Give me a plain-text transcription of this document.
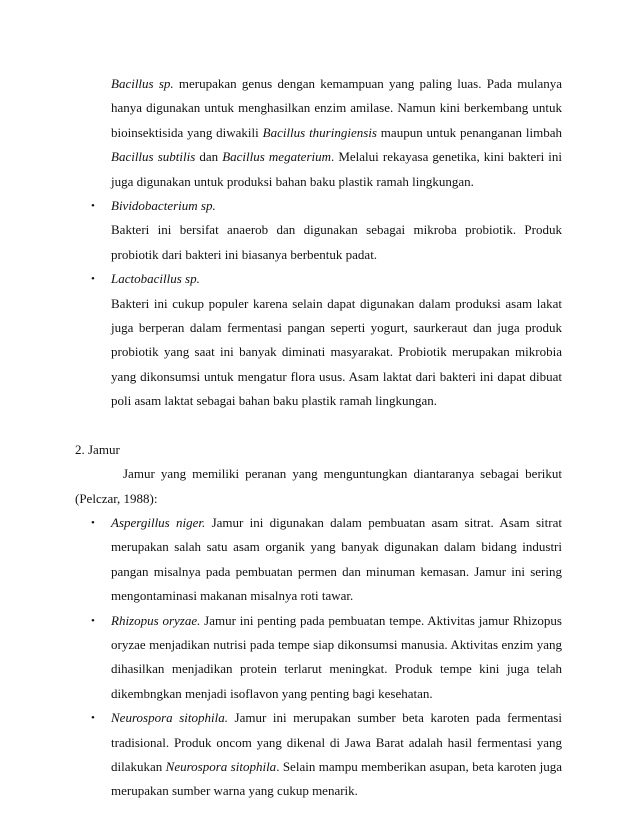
Bacillus sp. merupakan genus dengan kemampuan yang paling luas. Pada mulanya hanya digunakan untuk menghasilkan enzim amilase. Namun kini berkembang untuk bioinsektisida yang diwakili Bacillus thuringiensis maupun untuk penanganan limbah Bacillus subtilis dan Bacillus megaterium. Melalui rekayasa genetika, kini bakteri ini juga digunakan untuk produksi bahan baku plastik ramah lingkungan.

•	Bividobacterium sp.

Bakteri ini bersifat anaerob dan digunakan sebagai mikroba probiotik. Produk probiotik dari bakteri ini biasanya berbentuk padat.

•	Lactobacillus sp.

Bakteri ini cukup populer karena selain dapat digunakan dalam produksi asam lakat juga berperan dalam fermentasi pangan seperti yogurt, saurkeraut dan juga produk probiotik yang saat ini banyak diminati masyarakat. Probiotik merupakan mikrobia yang dikonsumsi untuk mengatur flora usus. Asam laktat dari bakteri ini dapat dibuat poli asam laktat sebagai bahan baku plastik ramah lingkungan.

2. Jamur

Jamur yang memiliki peranan yang menguntungkan diantaranya sebagai berikut (Pelczar, 1988):

•	Aspergillus niger. Jamur ini digunakan dalam pembuatan asam sitrat. Asam sitrat merupakan salah satu asam organik yang banyak digunakan dalam bidang industri pangan misalnya pada pembuatan permen dan minuman kemasan. Jamur ini sering mengontaminasi makanan misalnya roti tawar.

•	Rhizopus oryzae. Jamur ini penting pada pembuatan tempe. Aktivitas jamur Rhizopus oryzae menjadikan nutrisi pada tempe siap dikonsumsi manusia. Aktivitas enzim yang dihasilkan menjadikan protein terlarut meningkat. Produk tempe kini juga telah dikembngkan menjadi isoflavon yang penting bagi kesehatan.

•	Neurospora sitophila. Jamur ini merupakan sumber beta karoten pada fermentasi tradisional. Produk oncom yang dikenal di Jawa Barat adalah hasil fermentasi yang dilakukan Neurospora sitophila. Selain mampu memberikan asupan, beta karoten juga merupakan sumber warna yang cukup menarik.
